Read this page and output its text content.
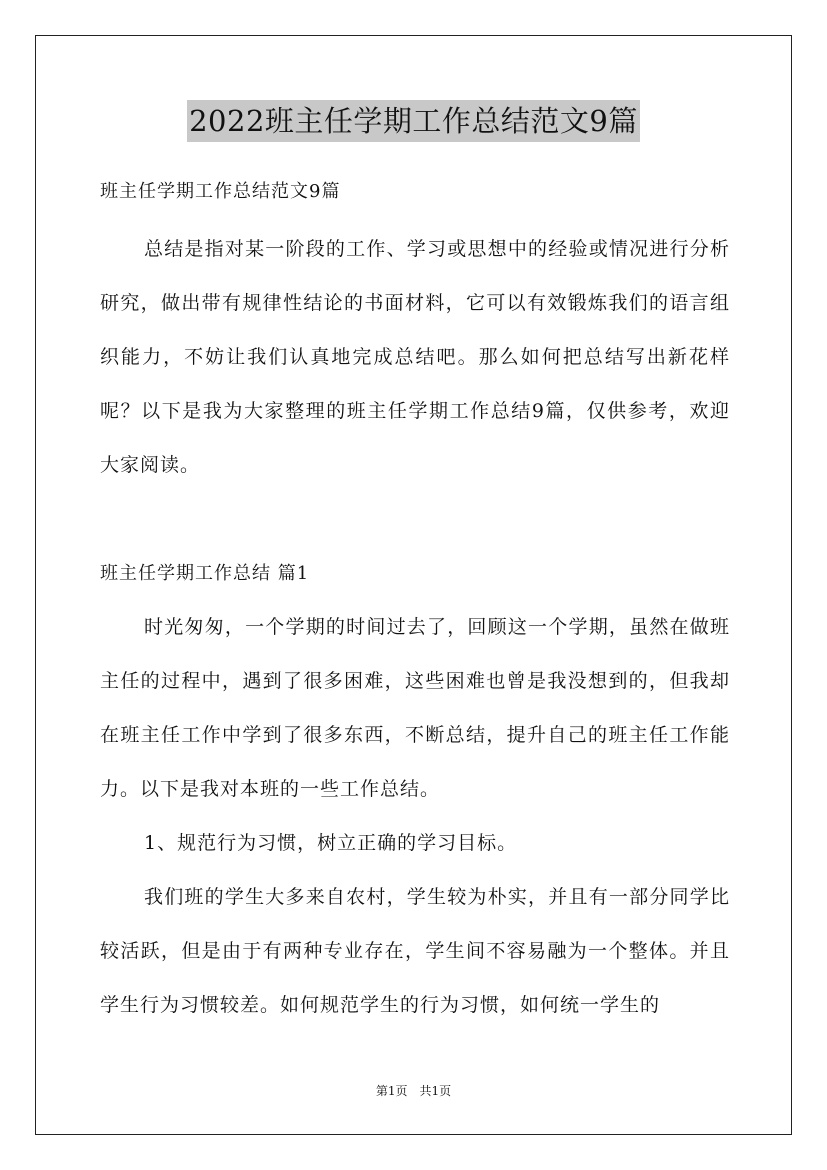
2022班主任学期工作总结范文9篇
班主任学期工作总结范文9篇
总结是指对某一阶段的工作、学习或思想中的经验或情况进行分析研究，做出带有规律性结论的书面材料，它可以有效锻炼我们的语言组织能力，不妨让我们认真地完成总结吧。那么如何把总结写出新花样呢？以下是我为大家整理的班主任学期工作总结9篇，仅供参考，欢迎大家阅读。
班主任学期工作总结 篇1
时光匆匆，一个学期的时间过去了，回顾这一个学期，虽然在做班主任的过程中，遇到了很多困难，这些困难也曾是我没想到的，但我却在班主任工作中学到了很多东西，不断总结，提升自己的班主任工作能力。以下是我对本班的一些工作总结。
1、规范行为习惯，树立正确的学习目标。
我们班的学生大多来自农村，学生较为朴实，并且有一部分同学比较活跃，但是由于有两种专业存在，学生间不容易融为一个整体。并且学生行为习惯较差。如何规范学生的行为习惯，如何统一学生的
第1页　共1页
